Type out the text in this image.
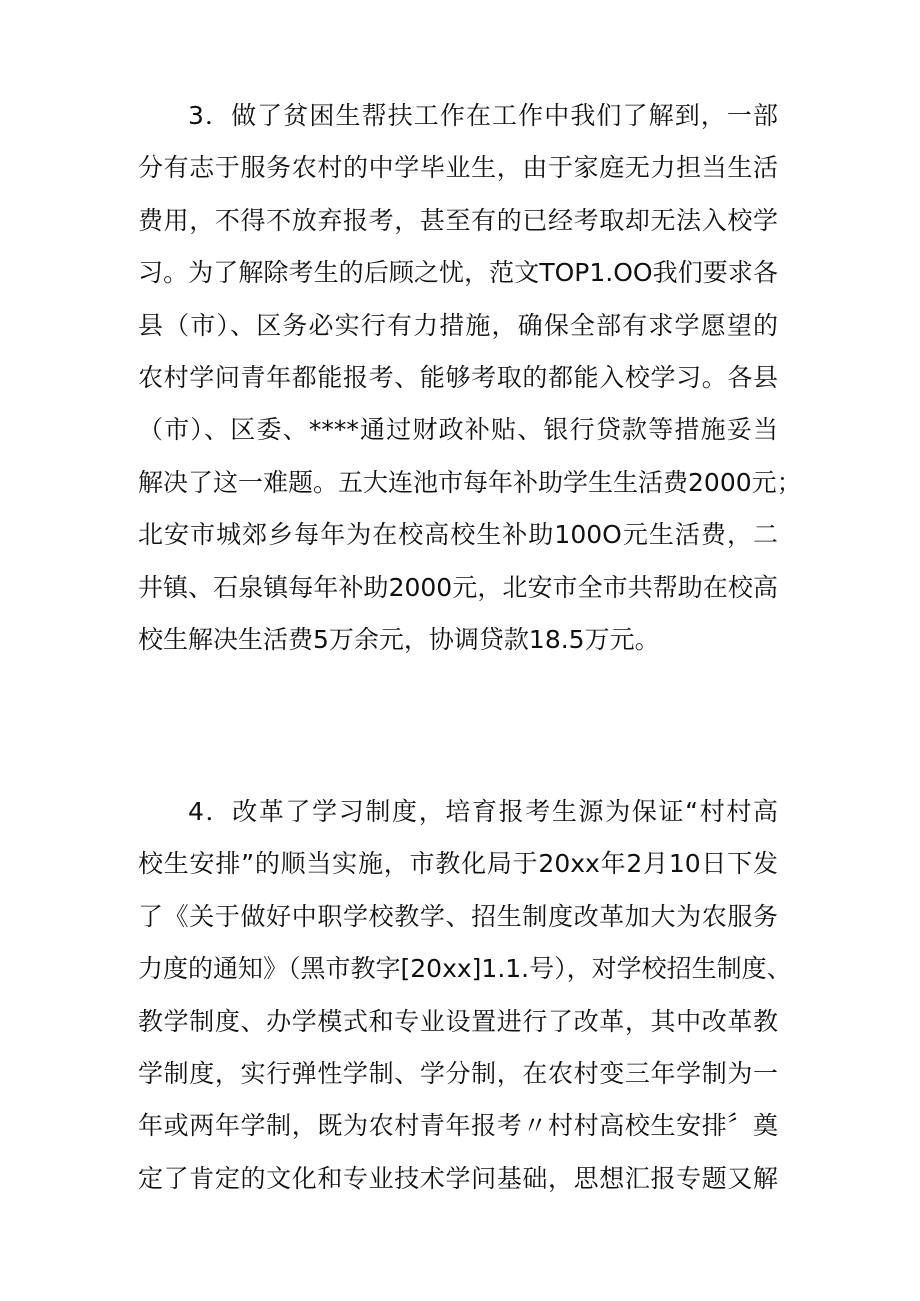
3．做了贫困生帮扶工作在工作中我们了解到，一部
分有志于服务农村的中学毕业生，由于家庭无力担当生活
费用，不得不放弃报考，甚至有的已经考取却无法入校学
习。为了解除考生的后顾之忧，范文TOP1.OO我们要求各
县（市）、区务必实行有力措施，确保全部有求学愿望的
农村学问青年都能报考、能够考取的都能入校学习。各县
（市）、区委、****通过财政补贴、银行贷款等措施妥当
解决了这一难题。五大连池市每年补助学生生活费2000元；
北安市城郊乡每年为在校高校生补助100O元生活费，二
井镇、石泉镇每年补助2000元，北安市全市共帮助在校高
校生解决生活费5万余元，协调贷款18.5万元。
4．改革了学习制度，培育报考生源为保证“村村高
校生安排”的顺当实施，市教化局于20xx年2月10日下发
了《关于做好中职学校教学、招生制度改革加大为农服务
力度的通知》（黑市教字[20xx]1.1.号），对学校招生制度、
教学制度、办学模式和专业设置进行了改革，其中改革教
学制度，实行弹性学制、学分制，在农村变三年学制为一
年或两年学制，既为农村青年报考〃村村高校生安排〞奠
定了肯定的文化和专业技术学问基础，思想汇报专题又解
